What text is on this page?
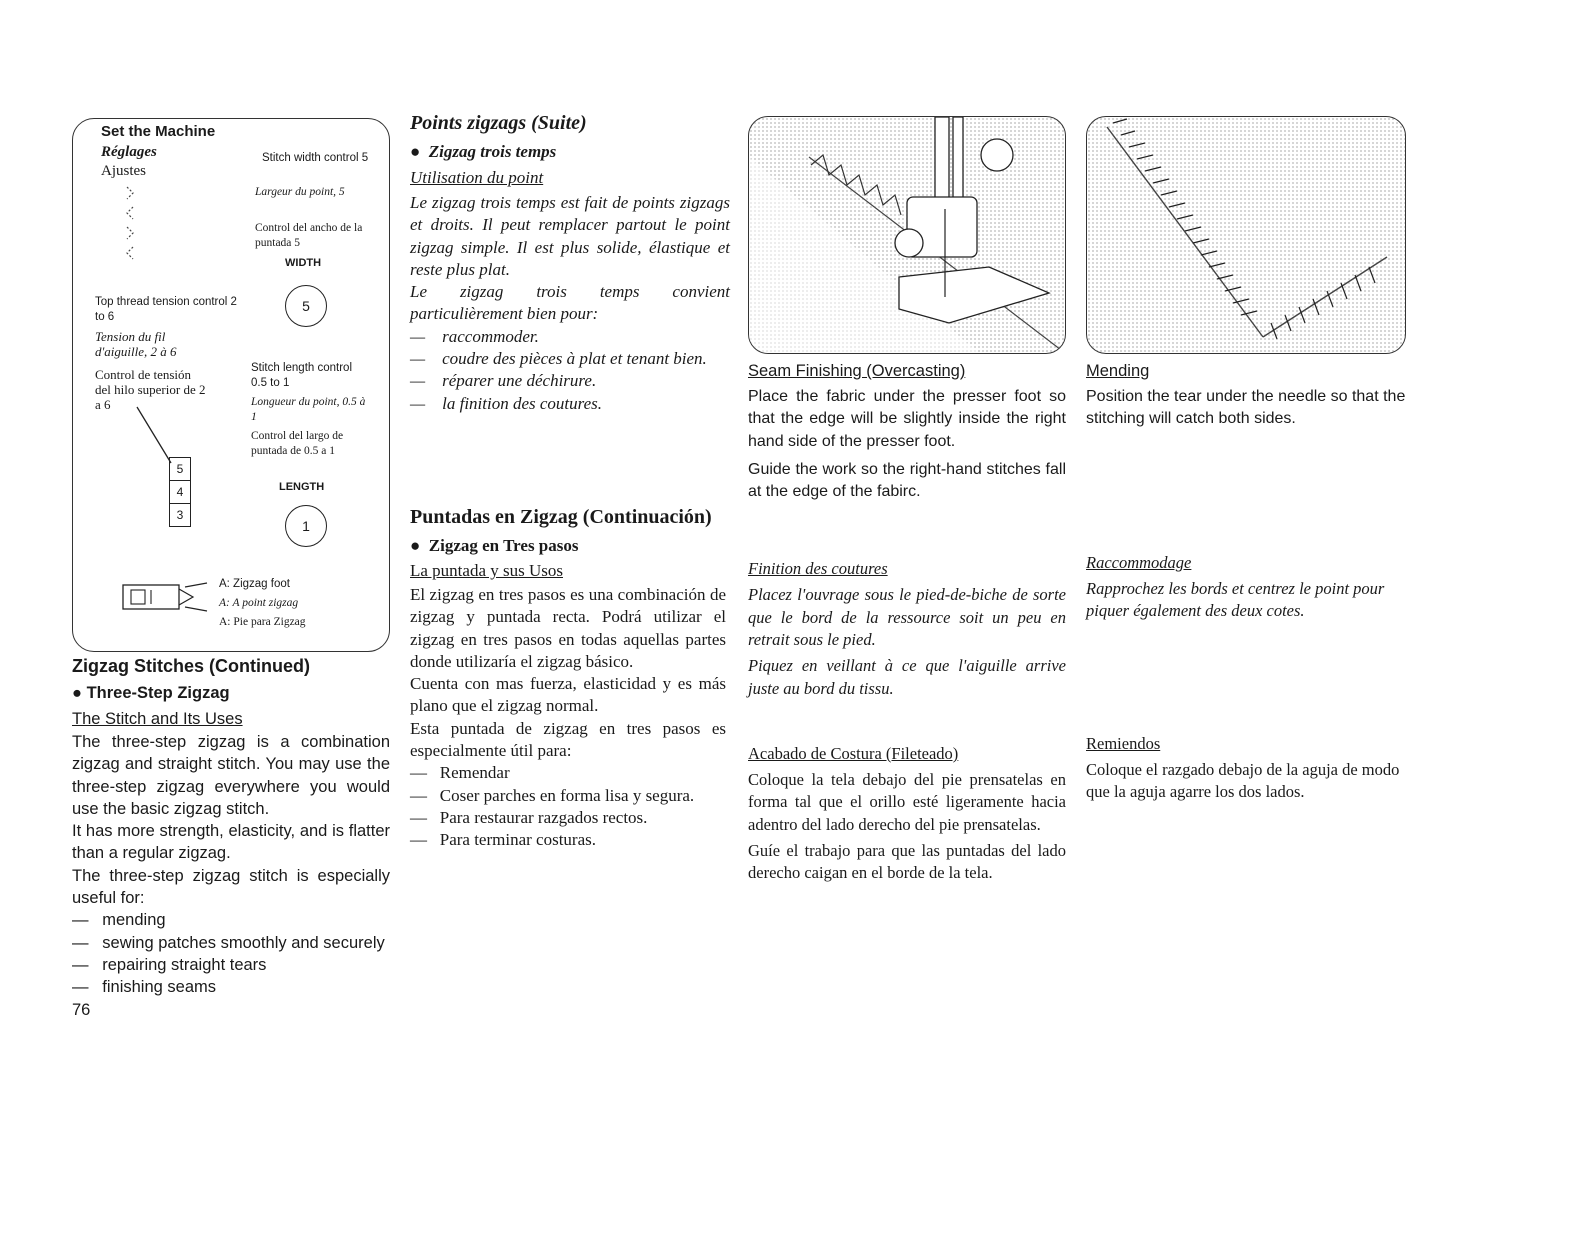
Set the Machine
Réglages
Ajustes
Stitch width control 5
Largeur du point, 5
Control del ancho de la puntada 5
WIDTH
5
Top thread tension control 2 to 6
Tension du fil d'aiguille, 2 à 6
Control de tensión del hilo superior de 2 a 6
5
4
3
Stitch length control 0.5 to 1
Longueur du point, 0.5 à 1
Control del largo de puntada de 0.5 a 1
LENGTH
1
A: Zigzag foot
A: A point zigzag
A: Pie para Zigzag
Zigzag Stitches (Continued)
● Three-Step Zigzag
The Stitch and Its Uses

The three-step zigzag is a combination zigzag and straight stitch. You may use the three-step zigzag everywhere you would use the basic zigzag stitch.

It has more strength, elasticity, and is flatter than a regular zigzag.

The three-step zigzag stitch is especially useful for:

—   mending

—   sewing patches smoothly and securely

—   repairing straight tears

—   finishing seams

76

Points zigzags (Suite)
●  Zigzag trois temps
Utilisation du point

Le zigzag trois temps est fait de points zigzags et droits. Il peut remplacer partout le point zigzag simple. Il est plus solide, élastique et reste plus plat.

Le zigzag trois temps convient particulièrement bien pour:

—    raccommoder.

—    coudre des pièces à plat et tenant bien.

—    réparer une déchirure.

—    la finition des coutures.

Puntadas en Zigzag (Continuación)
●  Zigzag en Tres pasos
La puntada y sus Usos

El zigzag en tres pasos es una combinación de zigzag y puntada recta. Podrá utilizar el zigzag en tres pasos en todas aquellas partes donde utilizaría el zigzag básico.

Cuenta con mas fuerza, elasticidad y es más plano que el zigzag normal.

Esta puntada de zigzag en tres pasos es especialmente útil para:

—   Remendar

—   Coser parches en forma lisa y segura.

—   Para restaurar razgados rectos.

—   Para terminar costuras.

Seam Finishing (Overcasting)

Place the fabric under the presser foot so that the edge will be slightly inside the right hand side of the presser foot.

Guide the work so the right-hand stitches fall at the edge of the fabirc.

Finition des coutures

Placez l'ouvrage sous le pied-de-biche de sorte que le bord de la ressource soit un peu en retrait sous le pied.

Piquez en veillant à ce que l'aiguille arrive juste au bord du tissu.

Acabado de Costura (Fileteado)

Coloque la tela debajo del pie prensatelas en forma tal que el orillo esté ligeramente hacia adentro del lado derecho del pie prensatelas.

Guíe el trabajo para que las puntadas del lado derecho caigan en el borde de la tela.

Mending
Position the tear under the needle so that the stitching will catch both sides.
Raccommodage
Rapprochez les bords et centrez le point pour piquer également des deux cotes.
Remiendos
Coloque el razgado debajo de la aguja de modo que la aguja agarre los dos lados.
